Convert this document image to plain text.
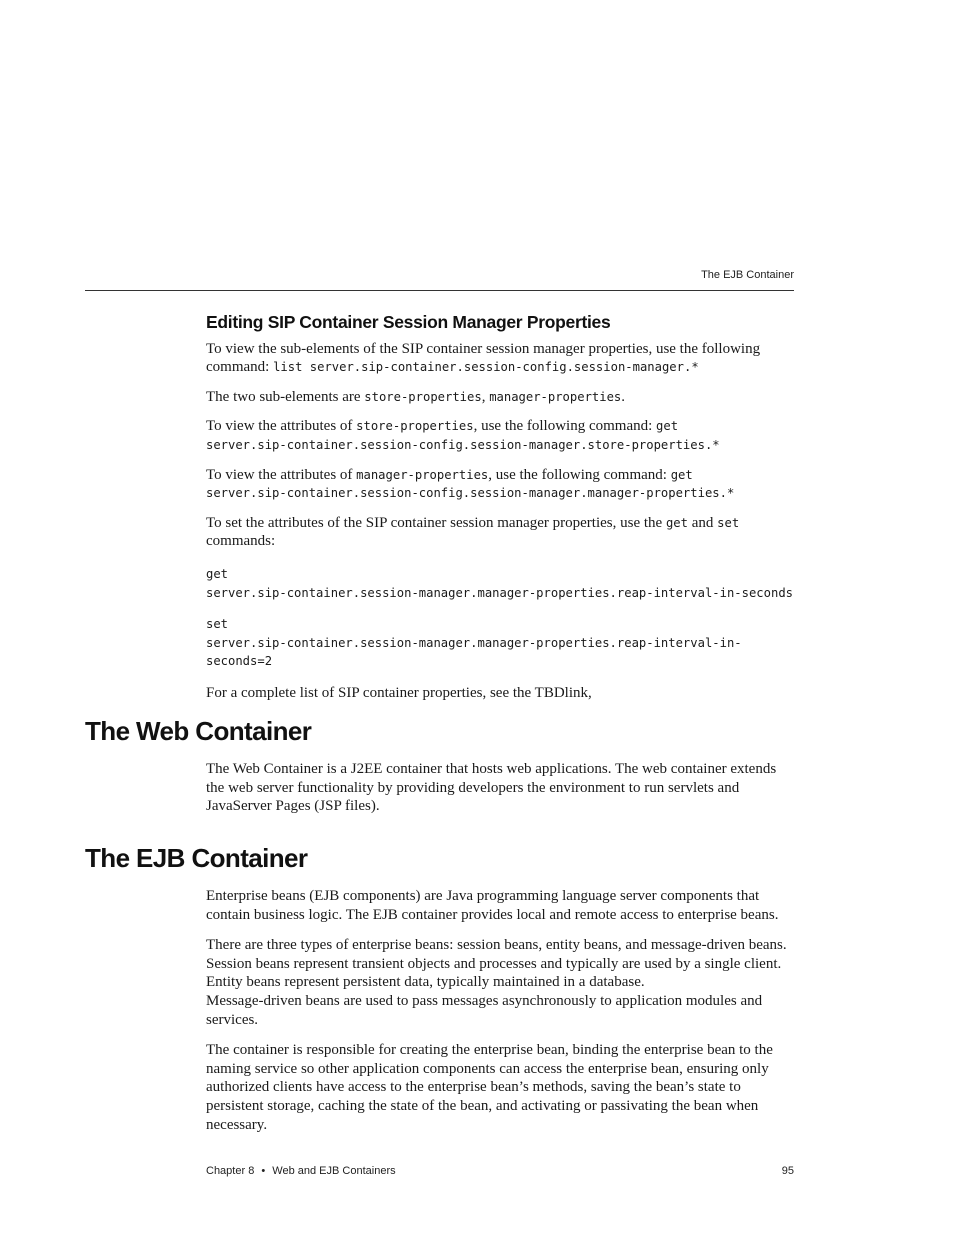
The EJB Container
Editing SIP Container Session Manager Properties

To view the sub-elements of the SIP container session manager properties, use the following command: list server.sip-container.session-config.session-manager.*

The two sub-elements are store-properties, manager-properties.

To view the attributes of store-properties, use the following command: get
server.sip-container.session-config.session-manager.store-properties.*

To view the attributes of manager-properties, use the following command: get
server.sip-container.session-config.session-manager.manager-properties.*

To set the attributes of the SIP container session manager properties, use the get and set
commands:

get
server.sip-container.session-manager.manager-properties.reap-interval-in-seconds
set
server.sip-container.session-manager.manager-properties.reap-interval-in-seconds=2

For a complete list of SIP container properties, see the TBDlink,

The Web Container
The Web Container is a J2EE container that hosts web applications. The web container extends the web server functionality by providing developers the environment to run servlets and JavaServer Pages (JSP files).
The EJB Container

Enterprise beans (EJB components) are Java programming language server components that contain business logic. The EJB container provides local and remote access to enterprise beans.

There are three types of enterprise beans: session beans, entity beans, and message-driven beans. Session beans represent transient objects and processes and typically are used by a single client. Entity beans represent persistent data, typically maintained in a database.
Message-driven beans are used to pass messages asynchronously to application modules and services.

The container is responsible for creating the enterprise bean, binding the enterprise bean to the naming service so other application components can access the enterprise bean, ensuring only authorized clients have access to the enterprise bean’s methods, saving the bean’s state to persistent storage, caching the state of the bean, and activating or passivating the bean when necessary.

Chapter 8 • Web and EJB Containers	95
